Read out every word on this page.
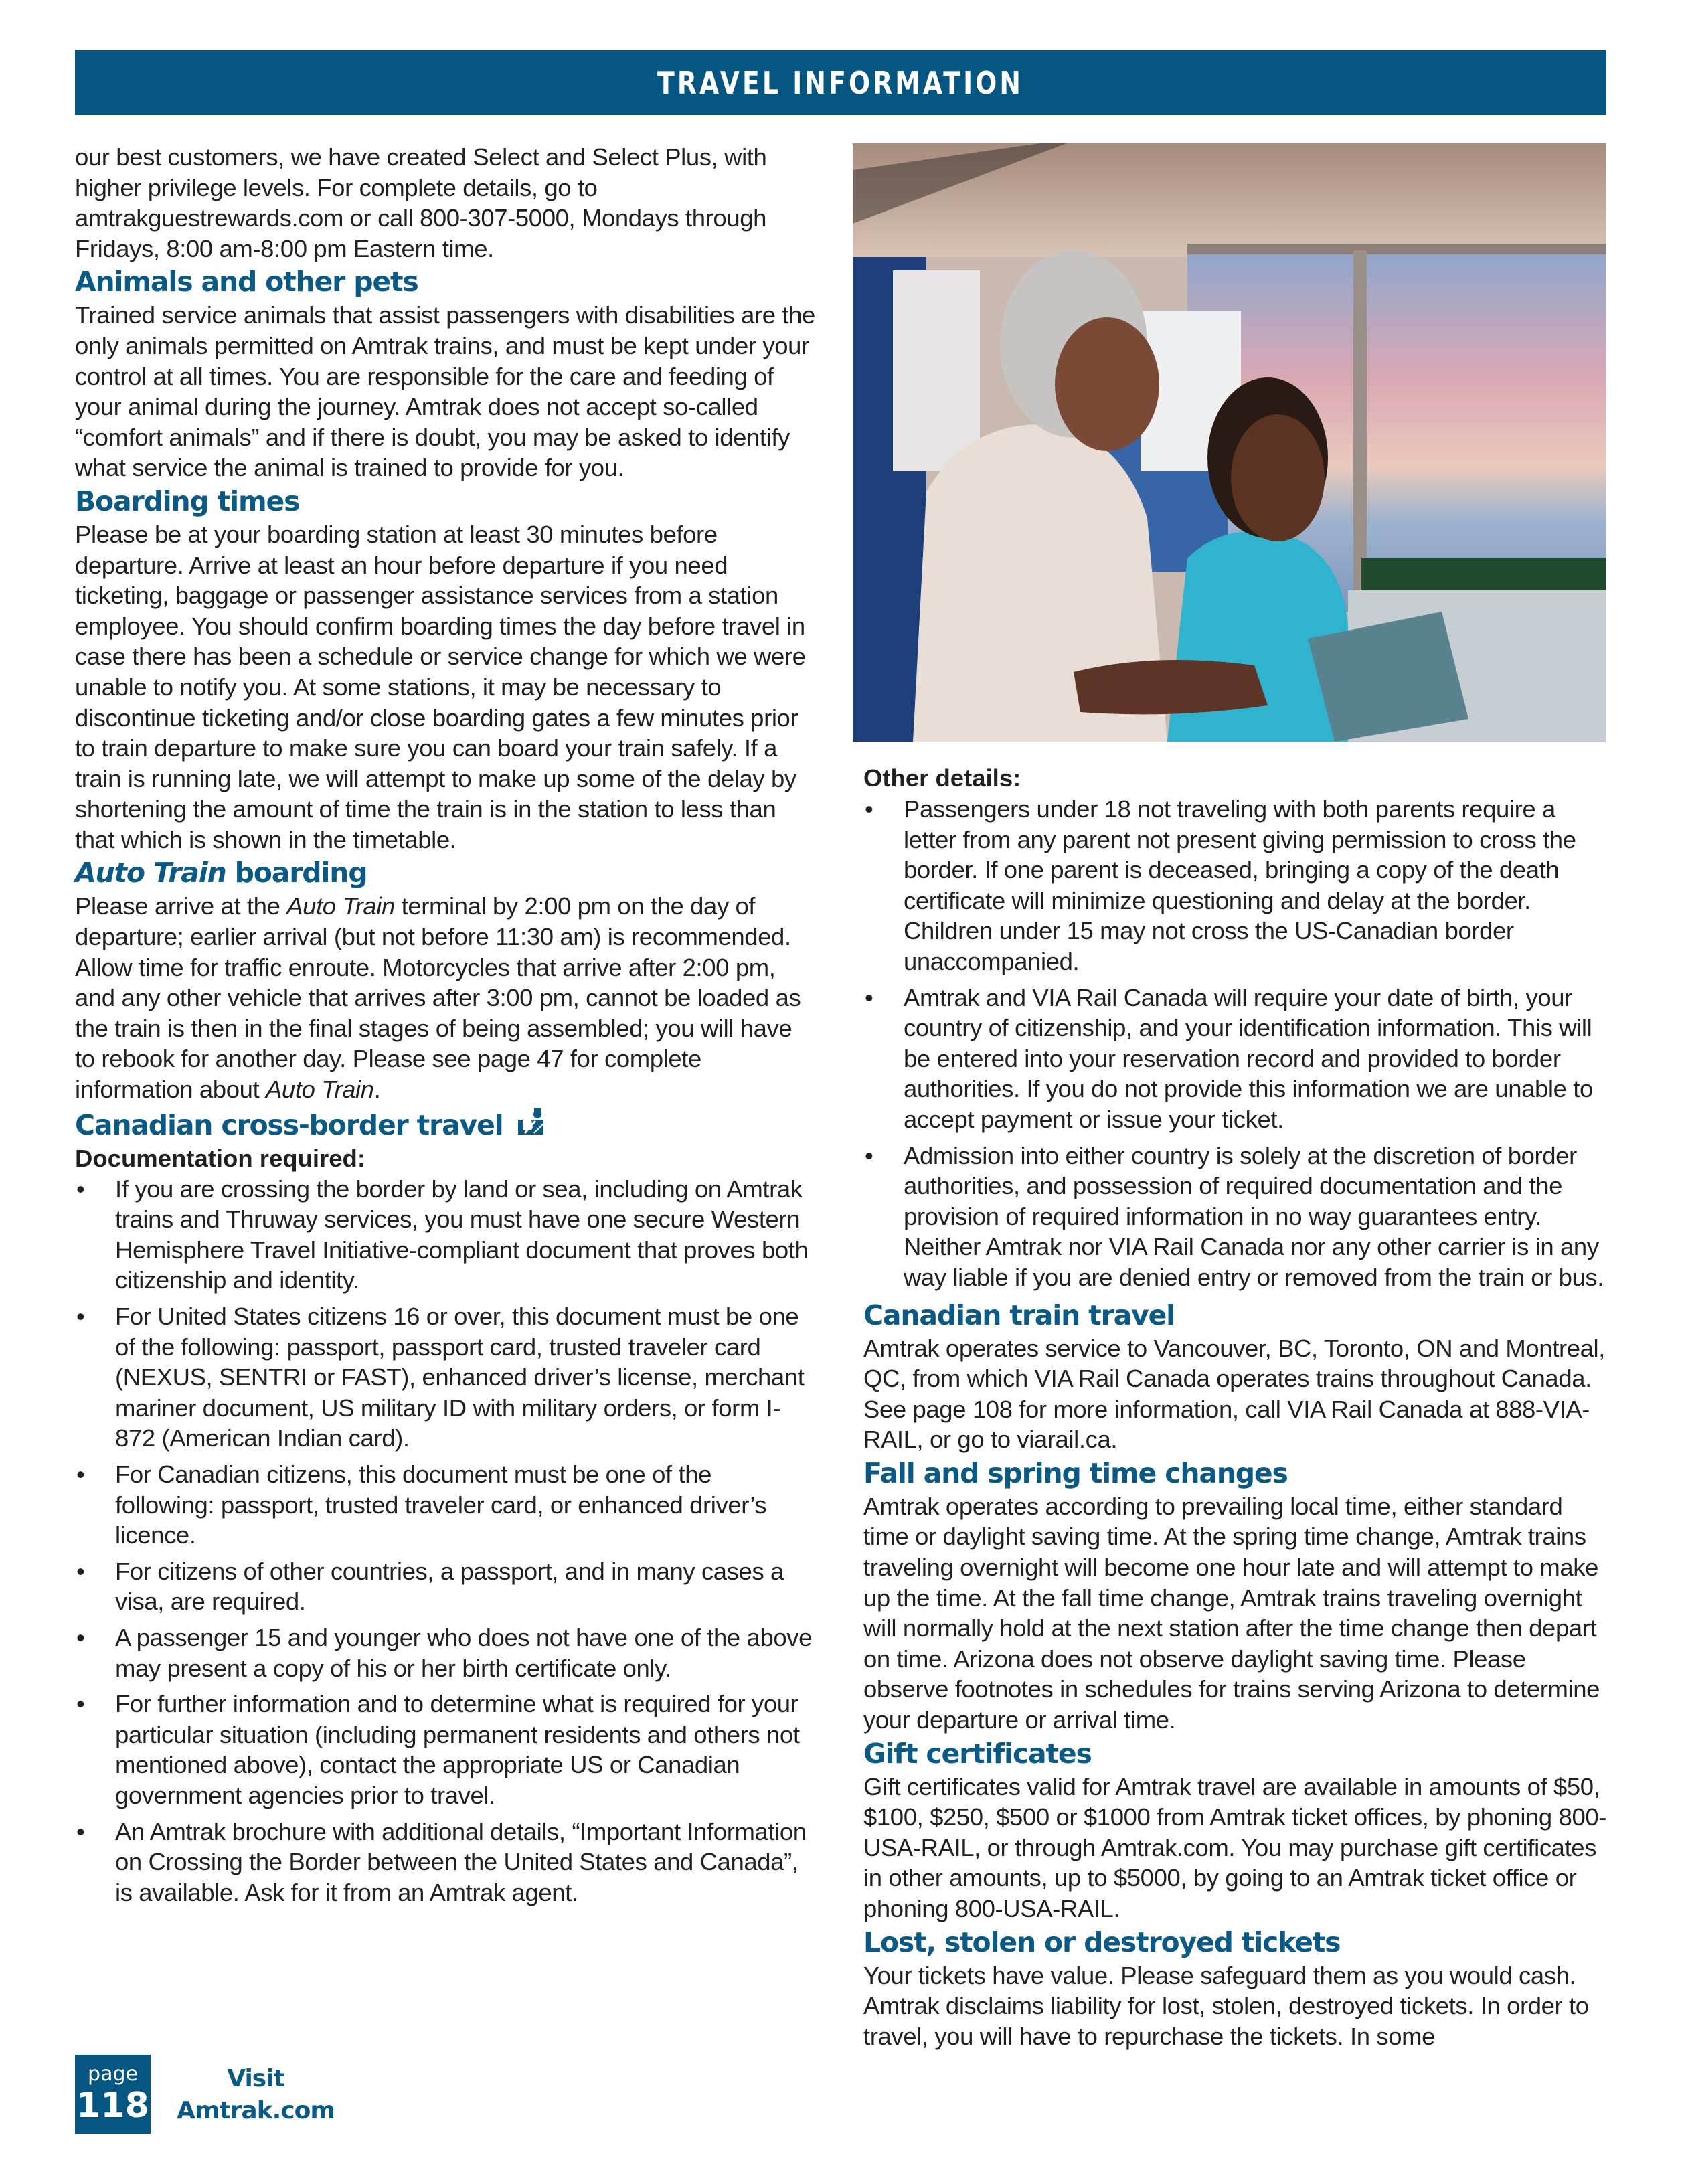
TRAVEL INFORMATION

our best customers, we have created Select and Select Plus, with higher privilege levels. For complete details, go to amtrakguestrewards.com or call 800-307-5000, Mondays through Fridays, 8:00 am-8:00 pm Eastern time.

Animals and other pets

Trained service animals that assist passengers with disabilities are the only animals permitted on Amtrak trains, and must be kept under your control at all times. You are responsible for the care and feeding of your animal during the journey. Amtrak does not accept so-called “comfort animals” and if there is doubt, you may be asked to identify what service the animal is trained to provide for you.

Boarding times

Please be at your boarding station at least 30 minutes before departure. Arrive at least an hour before departure if you need ticketing, baggage or passenger assistance services from a station employee. You should confirm boarding times the day before travel in case there has been a schedule or service change for which we were unable to notify you. At some stations, it may be necessary to discontinue ticketing and/or close boarding gates a few minutes prior to train departure to make sure you can board your train safely. If a train is running late, we will attempt to make up some of the delay by shortening the amount of time the train is in the station to less than that which is shown in the timetable.

Auto Train boarding

Please arrive at the Auto Train terminal by 2:00 pm on the day of departure; earlier arrival (but not before 11:30 am) is recommended. Allow time for traffic enroute. Motorcycles that arrive after 2:00 pm, and any other vehicle that arrives after 3:00 pm, cannot be loaded as the train is then in the final stages of being assembled; you will have to rebook for another day. Please see page 47 for complete information about Auto Train.

Canadian cross-border travel

Documentation required:

• If you are crossing the border by land or sea, including on Amtrak trains and Thruway services, you must have one secure Western Hemisphere Travel Initiative-compliant document that proves both citizenship and identity.
• For United States citizens 16 or over, this document must be one of the following: passport, passport card, trusted traveler card (NEXUS, SENTRI or FAST), enhanced driver’s license, merchant mariner document, US military ID with military orders, or form I-872 (American Indian card).
• For Canadian citizens, this document must be one of the following: passport, trusted traveler card, or enhanced driver’s licence.
• For citizens of other countries, a passport, and in many cases a visa, are required.
• A passenger 15 and younger who does not have one of the above may present a copy of his or her birth certificate only.
• For further information and to determine what is required for your particular situation (including permanent residents and others not mentioned above), contact the appropriate US or Canadian government agencies prior to travel.
• An Amtrak brochure with additional details, “Important Information on Crossing the Border between the United States and Canada”, is available. Ask for it from an Amtrak agent.

Other details:

• Passengers under 18 not traveling with both parents require a letter from any parent not present giving permission to cross the border. If one parent is deceased, bringing a copy of the death certificate will minimize questioning and delay at the border. Children under 15 may not cross the US-Canadian border unaccompanied.
• Amtrak and VIA Rail Canada will require your date of birth, your country of citizenship, and your identification information. This will be entered into your reservation record and provided to border authorities. If you do not provide this information we are unable to accept payment or issue your ticket.
• Admission into either country is solely at the discretion of border authorities, and possession of required documentation and the provision of required information in no way guarantees entry. Neither Amtrak nor VIA Rail Canada nor any other carrier is in any way liable if you are denied entry or removed from the train or bus.
Canadian train travel

Amtrak operates service to Vancouver, BC, Toronto, ON and Montreal, QC, from which VIA Rail Canada operates trains throughout Canada. See page 108 for more information, call VIA Rail Canada at 888-VIA-RAIL, or go to viarail.ca.

Fall and spring time changes

Amtrak operates according to prevailing local time, either standard time or daylight saving time. At the spring time change, Amtrak trains traveling overnight will become one hour late and will attempt to make up the time. At the fall time change, Amtrak trains traveling overnight will normally hold at the next station after the time change then depart on time. Arizona does not observe daylight saving time. Please observe footnotes in schedules for trains serving Arizona to determine your departure or arrival time.

Gift certificates

Gift certificates valid for Amtrak travel are available in amounts of $50, $100, $250, $500 or $1000 from Amtrak ticket offices, by phoning 800-USA-RAIL, or through Amtrak.com. You may purchase gift certificates in other amounts, up to $5000, by going to an Amtrak ticket office or phoning 800-USA-RAIL.

Lost, stolen or destroyed tickets

Your tickets have value. Please safeguard them as you would cash. Amtrak disclaims liability for lost, stolen, destroyed tickets. In order to travel, you will have to repurchase the tickets. In some

page
118
Visit
Amtrak.com
